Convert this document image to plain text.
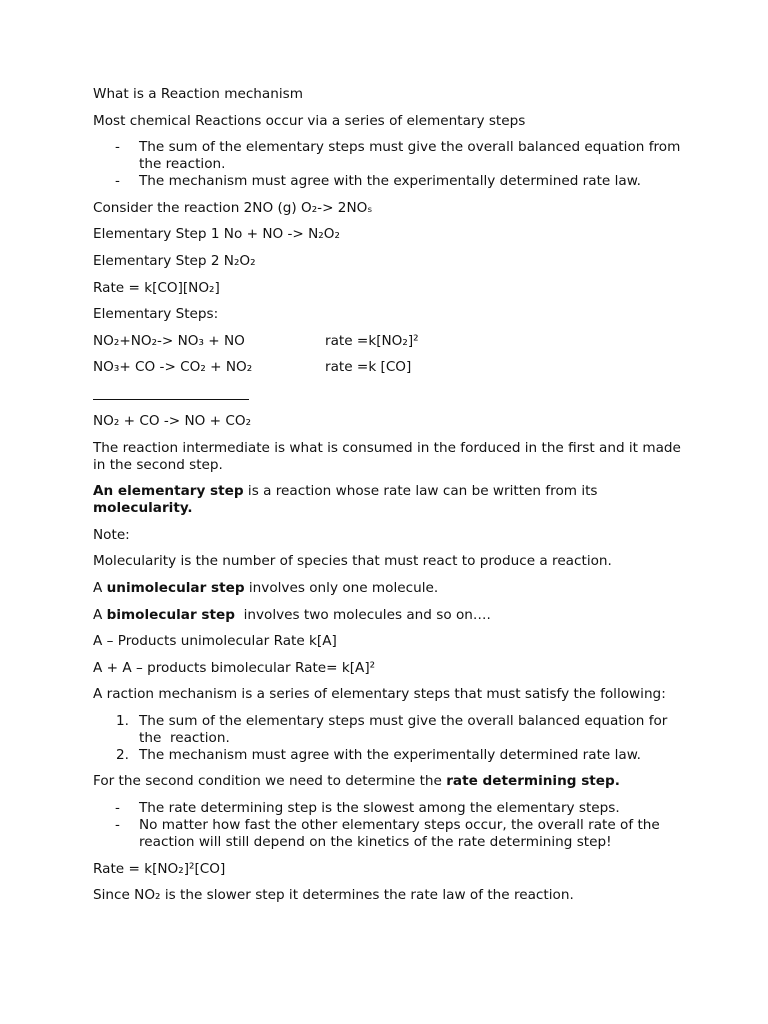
What is a Reaction mechanism

Most chemical Reactions occur via a series of elementary steps

- The sum of the elementary steps must give the overall balanced equation from the reaction.
- The mechanism must agree with the experimentally determined rate law.

Consider the reaction 2NO (g) O₂-> 2NOₛ

Elementary Step 1 No + NO -> N₂O₂

Elementary Step 2 N₂O₂

Rate = k[CO][NO₂]

Elementary Steps:

NO₂+NO₂-> NO₃ + NO	rate =k[NO₂]²
NO₃+ CO -> CO₂ + NO₂	rate =k [CO]

NO₂ + CO -> NO + CO₂

The reaction intermediate is what is consumed in the forduced in the first and it made in the second step.

An elementary step is a reaction whose rate law can be written from its molecularity.

Note:

Molecularity is the number of species that must react to produce a reaction.

A unimolecular step involves only one molecule.

A bimolecular step  involves two molecules and so on….

A – Products unimolecular Rate k[A]

A + A – products bimolecular Rate= k[A]²

A raction mechanism is a series of elementary steps that must satisfy the following:

1. The sum of the elementary steps must give the overall balanced equation for the  reaction.
2. The mechanism must agree with the experimentally determined rate law.

For the second condition we need to determine the rate determining step.

- The rate determining step is the slowest among the elementary steps.
- No matter how fast the other elementary steps occur, the overall rate of the reaction will still depend on the kinetics of the rate determining step!

Rate = k[NO₂]²[CO]

Since NO₂ is the slower step it determines the rate law of the reaction.
